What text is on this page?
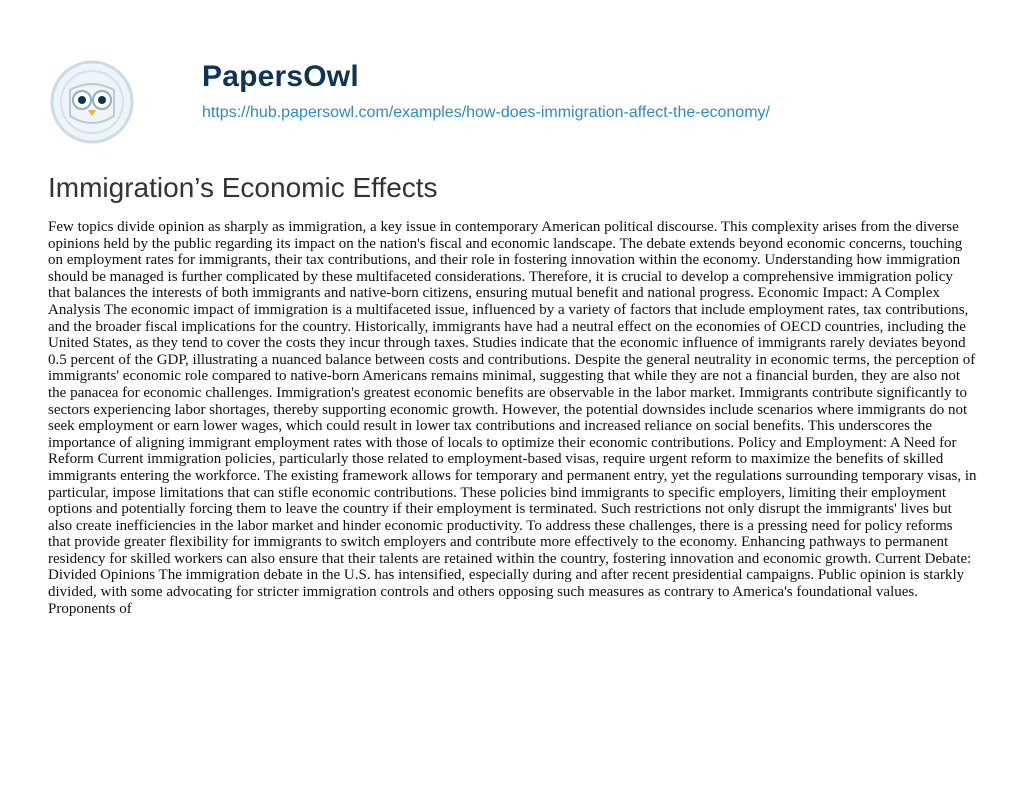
PapersOwl
https://hub.papersowl.com/examples/how-does-immigration-affect-the-economy/
Immigration’s Economic Effects

Few topics divide opinion as sharply as immigration, a key issue in contemporary American political discourse. This complexity arises from the diverse opinions held by the public regarding its impact on the nation's fiscal and economic landscape. The debate extends beyond economic concerns, touching on employment rates for immigrants, their tax contributions, and their role in fostering innovation within the economy. Understanding how immigration should be managed is further complicated by these multifaceted considerations. Therefore, it is crucial to develop a comprehensive immigration policy that balances the interests of both immigrants and native-born citizens, ensuring mutual benefit and national progress. Economic Impact: A Complex Analysis The economic impact of immigration is a multifaceted issue, influenced by a variety of factors that include employment rates, tax contributions, and the broader fiscal implications for the country. Historically, immigrants have had a neutral effect on the economies of OECD countries, including the United States, as they tend to cover the costs they incur through taxes. Studies indicate that the economic influence of immigrants rarely deviates beyond 0.5 percent of the GDP, illustrating a nuanced balance between costs and contributions. Despite the general neutrality in economic terms, the perception of immigrants' economic role compared to native-born Americans remains minimal, suggesting that while they are not a financial burden, they are also not the panacea for economic challenges. Immigration's greatest economic benefits are observable in the labor market. Immigrants contribute significantly to sectors experiencing labor shortages, thereby supporting economic growth. However, the potential downsides include scenarios where immigrants do not seek employment or earn lower wages, which could result in lower tax contributions and increased reliance on social benefits. This underscores the importance of aligning immigrant employment rates with those of locals to optimize their economic contributions. Policy and Employment: A Need for Reform Current immigration policies, particularly those related to employment-based visas, require urgent reform to maximize the benefits of skilled immigrants entering the workforce. The existing framework allows for temporary and permanent entry, yet the regulations surrounding temporary visas, in particular, impose limitations that can stifle economic contributions. These policies bind immigrants to specific employers, limiting their employment options and potentially forcing them to leave the country if their employment is terminated. Such restrictions not only disrupt the immigrants' lives but also create inefficiencies in the labor market and hinder economic productivity. To address these challenges, there is a pressing need for policy reforms that provide greater flexibility for immigrants to switch employers and contribute more effectively to the economy. Enhancing pathways to permanent residency for skilled workers can also ensure that their talents are retained within the country, fostering innovation and economic growth. Current Debate: Divided Opinions The immigration debate in the U.S. has intensified, especially during and after recent presidential campaigns. Public opinion is starkly divided, with some advocating for stricter immigration controls and others opposing such measures as contrary to America's foundational values. Proponents of
